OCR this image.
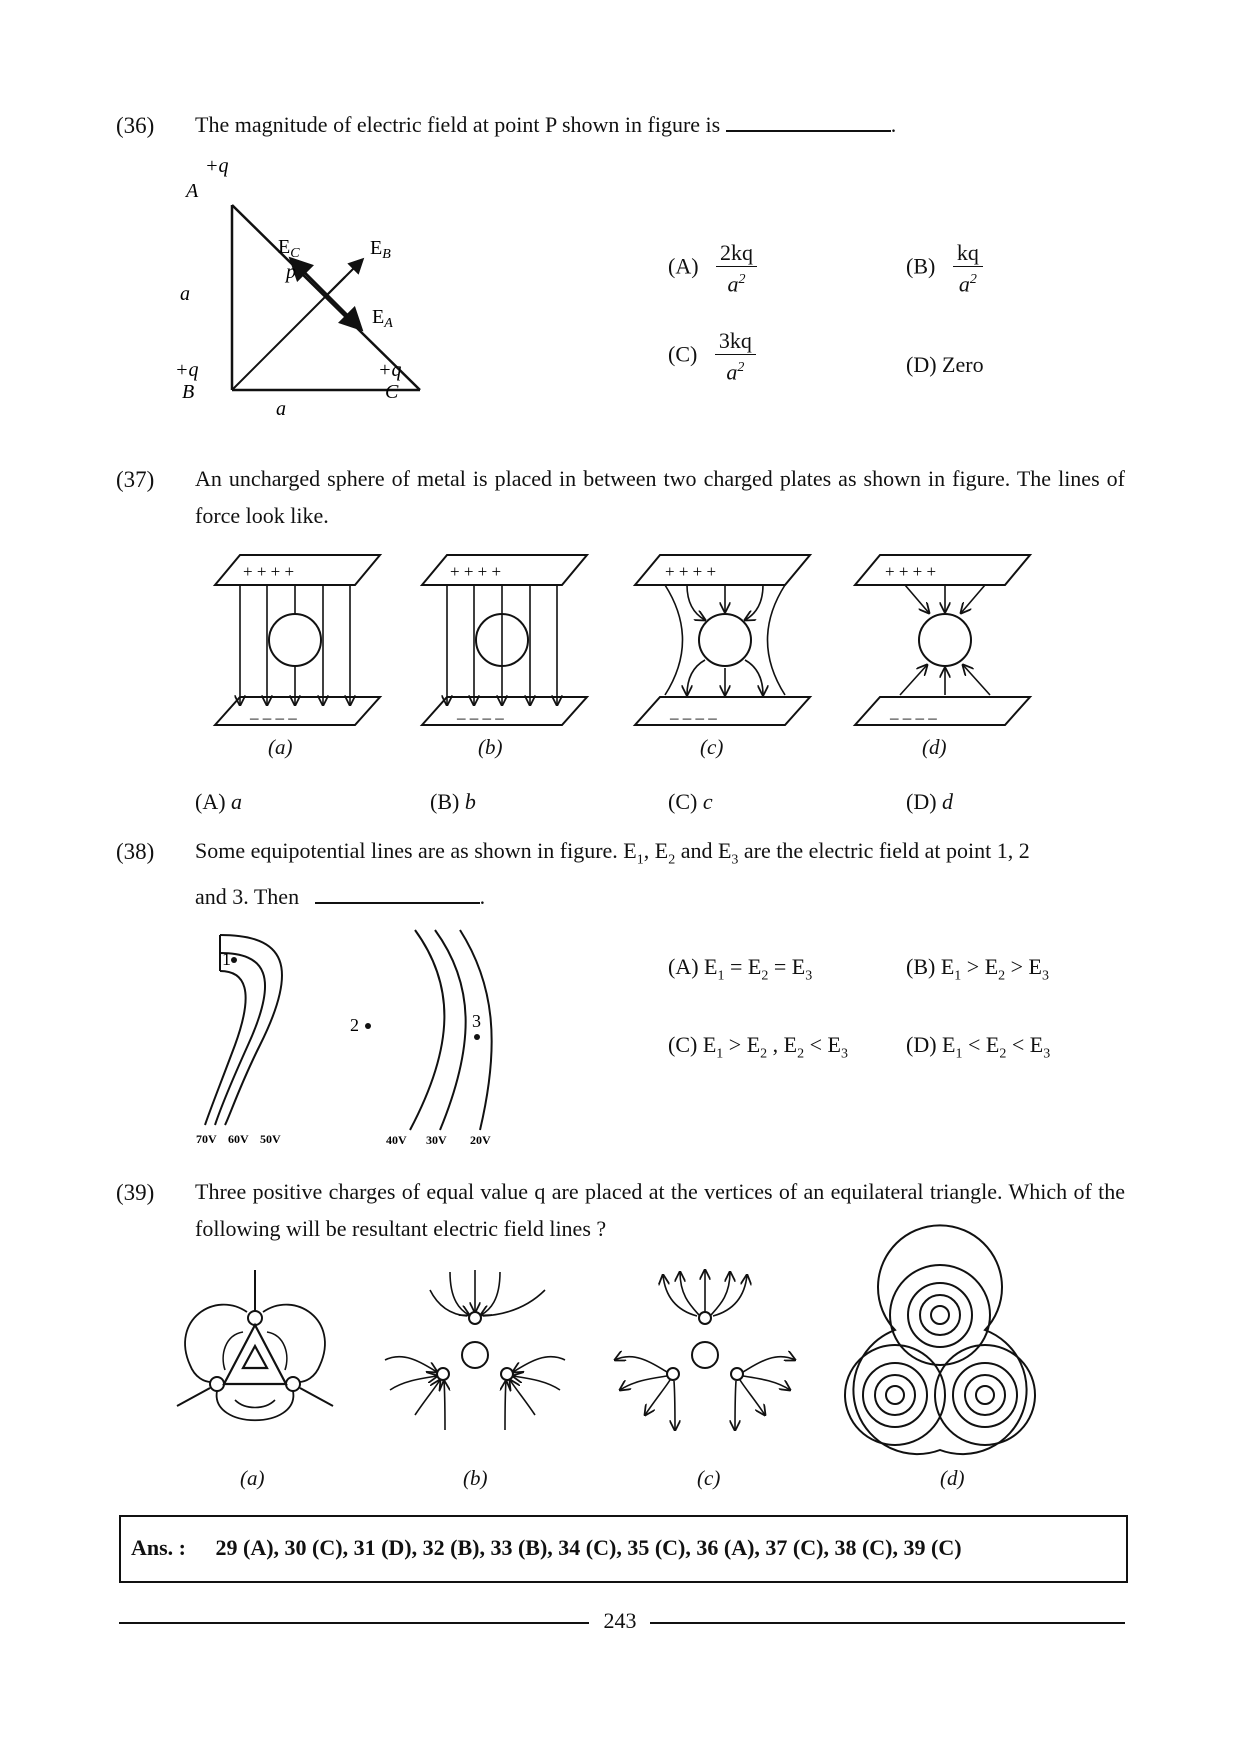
(36) The magnitude of electric field at point P shown in figure is	.
+q
A
a
+q
B
a
+q
C
$E_C$
p
$E_B$
$E_A$
$(A) \frac{2kq}{a^2}$	$(B) \frac{kq}{a^2}$
$(C) \frac{3kq}{a^2}$	(D) Zero
(37) An uncharged sphere of metal is placed in between two charged plates as shown in figure. The lines of force look like.
+ + + +
– – – –
+ + + +
– – – –
+ + + +
– – – –
+ + + +
– – – –
(a)	(b)	(c)	(d)
(A) a	(B) b	(C) c	(D) d
(38) Some equipotential lines are as shown in figure. $E_1$, $E_2$ and $E_3$ are the electric field at point 1, 2
and 3. Then	.
1
2	3
70V 60V 50V	40V 30V 20V
(A) $E_1 = E_2 = E_3$	(B) $E_1 > E_2 > E_3$
(C) $E_1 > E_2$ , $E_2 < E_3$	(D) $E_1 < E_2 < E_3$
(39) Three positive charges of equal value q are placed at the vertices of an equilateral triangle. Which of the following will be resultant electric field lines ?
(a)	(b)	(c)	(d)
Ans. : 29 (A), 30 (C), 31 (D), 32 (B), 33 (B), 34 (C), 35 (C), 36 (A), 37 (C), 38 (C), 39 (C)
243
